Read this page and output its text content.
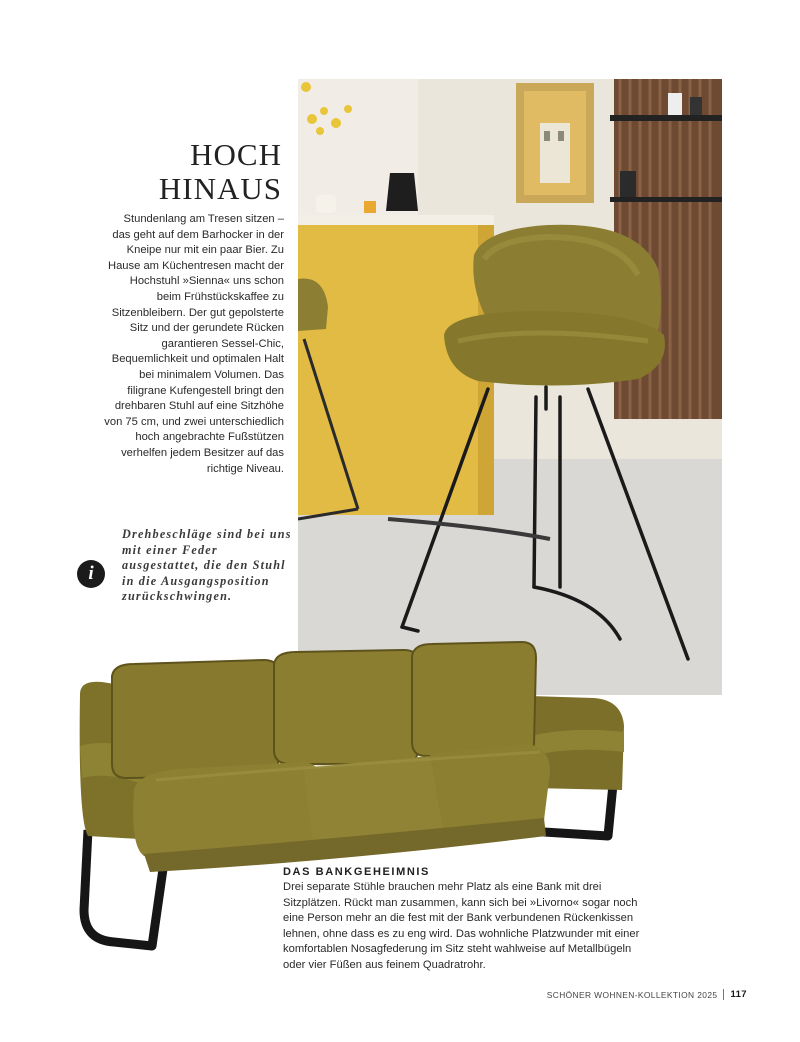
HOCH
HINAUS

Stundenlang am Tresen sitzen – das geht auf dem Barhocker in der Kneipe nur mit ein paar Bier. Zu Hause am Küchentresen macht der Hochstuhl »Sienna« uns schon beim Frühstückskaffee zu Sitzenbleibern. Der gut gepolsterte Sitz und der gerundete Rücken garantieren Sessel-Chic, Bequemlichkeit und optimalen Halt bei minimalem Volumen. Das filigrane Kufengestell bringt den drehbaren Stuhl auf eine Sitzhöhe von 75 cm, und zwei unterschiedlich hoch angebrachte Fußstützen verhelfen jedem Besitzer auf das richtige Niveau.

i

Drehbeschläge sind bei uns mit einer Feder ausgestattet, die den Stuhl in die Ausgangsposition zurückschwingen.

DAS BANKGEHEIMNIS

Drei separate Stühle brauchen mehr Platz als eine Bank mit drei Sitzplätzen. Rückt man zusammen, kann sich bei »Livorno« sogar noch eine Person mehr an die fest mit der Bank verbundenen Rückenkissen lehnen, ohne dass es zu eng wird. Das wohnliche Platzwunder mit einer komfortablen Nosagfederung im Sitz steht wahlweise auf Metallbügeln oder vier Füßen aus feinem Quadratrohr.

SCHÖNER WOHNEN-KOLLEKTION 2025 117
